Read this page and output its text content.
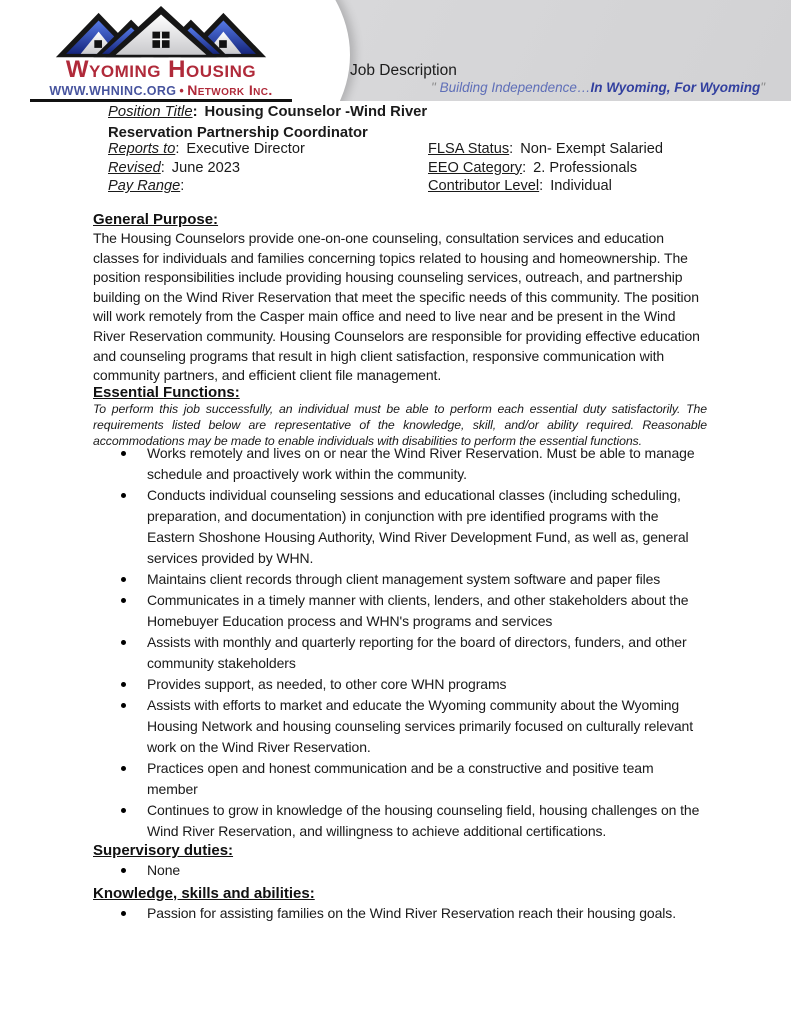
Job Description
" Building Independence…In Wyoming, For Wyoming"
Wyoming Housing
WWW.WHNINC.ORG • Network Inc.
Position Title: Housing Counselor -Wind River Reservation Partnership Coordinator
Reports to: Executive Director	FLSA Status: Non- Exempt Salaried
Revised: June 2023	EEO Category: 2. Professionals
Pay Range:	Contributor Level: Individual
General Purpose:
The Housing Counselors provide one-on-one counseling, consultation services and education classes for individuals and families concerning topics related to housing and homeownership. The position responsibilities include providing housing counseling services, outreach, and partnership building on the Wind River Reservation that meet the specific needs of this community. The position will work remotely from the Casper main office and need to live near and be present in the Wind River Reservation community. Housing Counselors are responsible for providing effective education and counseling programs that result in high client satisfaction, responsive communication with community partners, and efficient client file management.
Essential Functions:
To perform this job successfully, an individual must be able to perform each essential duty satisfactorily. The requirements listed below are representative of the knowledge, skill, and/or ability required. Reasonable accommodations may be made to enable individuals with disabilities to perform the essential functions.
Works remotely and lives on or near the Wind River Reservation. Must be able to manage schedule and proactively work within the community.
Conducts individual counseling sessions and educational classes (including scheduling, preparation, and documentation) in conjunction with pre identified programs with the Eastern Shoshone Housing Authority, Wind River Development Fund, as well as, general services provided by WHN.
Maintains client records through client management system software and paper files
Communicates in a timely manner with clients, lenders, and other stakeholders about the Homebuyer Education process and WHN's programs and services
Assists with monthly and quarterly reporting for the board of directors, funders, and other community stakeholders
Provides support, as needed, to other core WHN programs
Assists with efforts to market and educate the Wyoming community about the Wyoming Housing Network and housing counseling services primarily focused on culturally relevant work on the Wind River Reservation.
Practices open and honest communication and be a constructive and positive team member
Continues to grow in knowledge of the housing counseling field, housing challenges on the Wind River Reservation, and willingness to achieve additional certifications.
Supervisory duties:
None
Knowledge, skills and abilities:
Passion for assisting families on the Wind River Reservation reach their housing goals.
